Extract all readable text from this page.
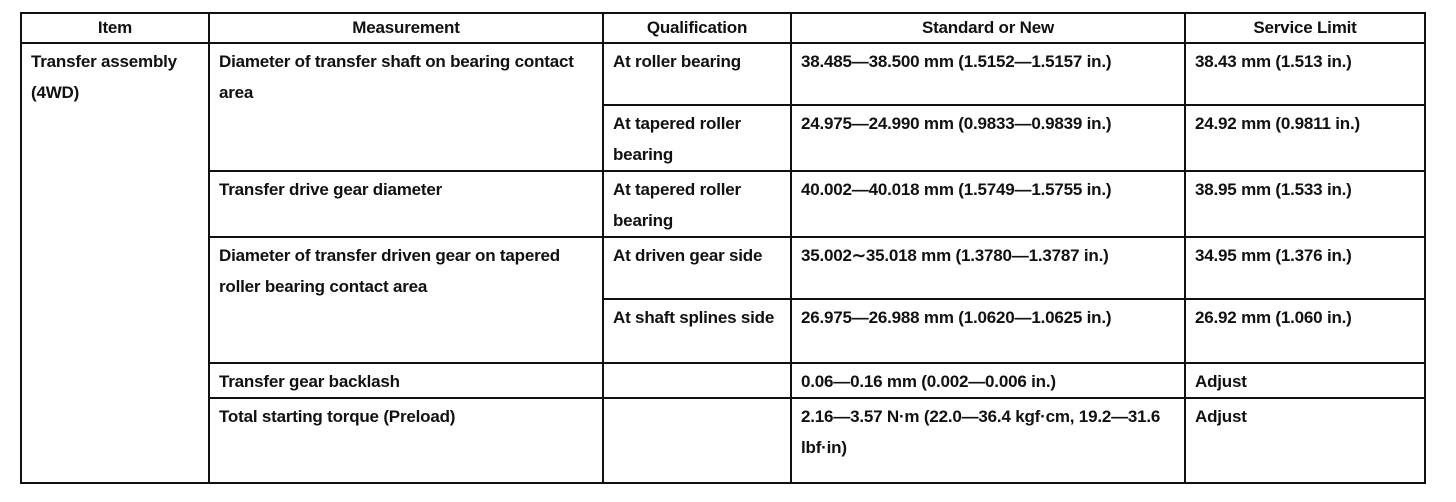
Item	Measurement	Qualification	Standard or New	Service Limit
Transfer assembly (4WD)	Diameter of transfer shaft on bearing contact area	At roller bearing	38.485—38.500 mm (1.5152—1.5157 in.)	38.43 mm (1.513 in.)
		At tapered roller bearing	24.975—24.990 mm (0.9833—0.9839 in.)	24.92 mm (0.9811 in.)
	Transfer drive gear diameter	At tapered roller bearing	40.002—40.018 mm (1.5749—1.5755 in.)	38.95 mm (1.533 in.)
	Diameter of transfer driven gear on tapered roller bearing contact area	At driven gear side	35.002∼35.018 mm (1.3780—1.3787 in.)	34.95 mm (1.376 in.)
		At shaft splines side	26.975—26.988 mm (1.0620—1.0625 in.)	26.92 mm (1.060 in.)
	Transfer gear backlash		0.06—0.16 mm (0.002—0.006 in.)	Adjust
	Total starting torque (Preload)		2.16—3.57 N·m (22.0—36.4 kgf·cm, 19.2—31.6 lbf·in)	Adjust
